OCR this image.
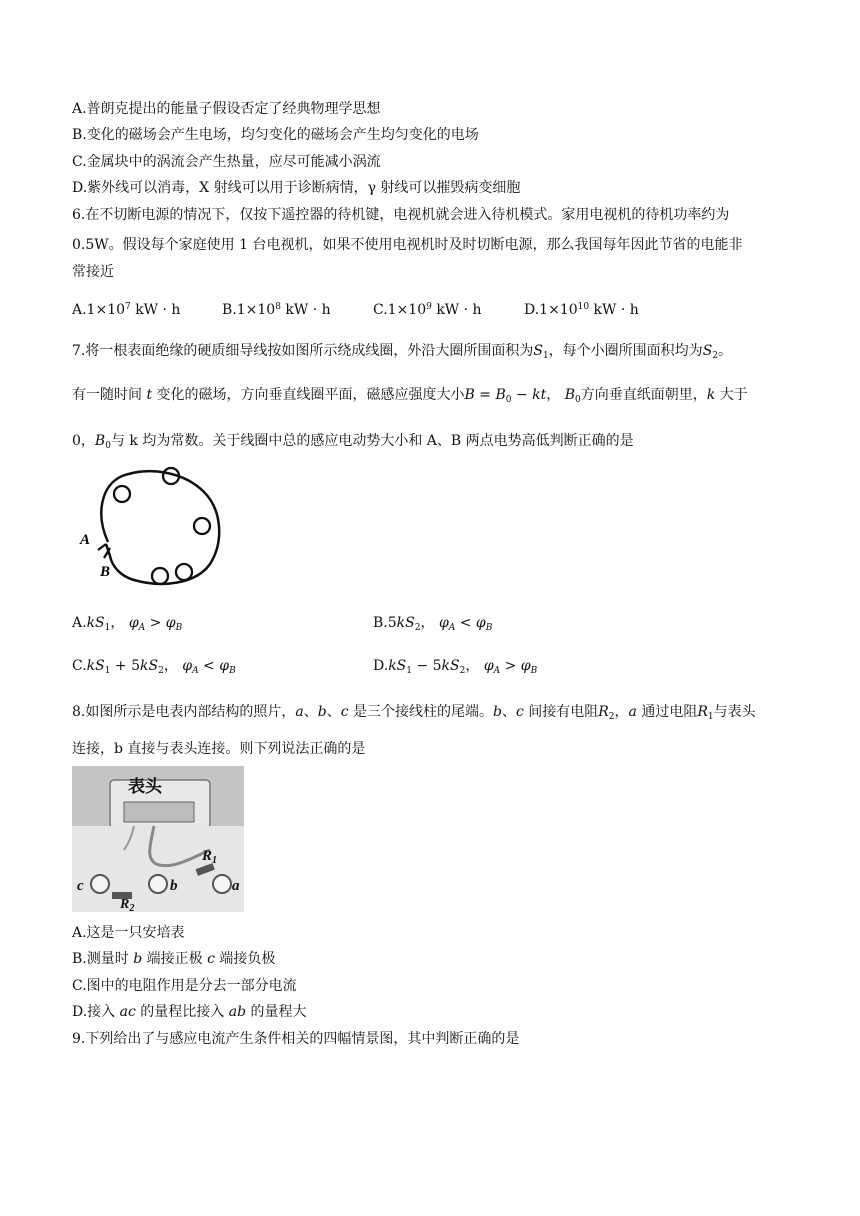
A.普朗克提出的能量子假设否定了经典物理学思想
B.变化的磁场会产生电场，均匀变化的磁场会产生均匀变化的电场
C.金属块中的涡流会产生热量，应尽可能减小涡流
D.紫外线可以消毒，X 射线可以用于诊断病情，γ 射线可以摧毁病变细胞
6.在不切断电源的情况下，仅按下遥控器的待机键，电视机就会进入待机模式。家用电视机的待机功率约为
0.5W。假设每个家庭使用 1 台电视机，如果不使用电视机时及时切断电源，那么我国每年因此节省的电能非
常接近
$A.1\times 10^7$ kW · h	$B.1\times 10^8$ kW · h	$C.1\times 10^9$ kW · h	$D.1\times 10^{10}$ kW · h
7.将一根表面绝缘的硬质细导线按如图所示绕成线圈，外沿大圈所围面积为$S_1$，每个小圈所围面积均为$S_2$。
有一随时间 t 变化的磁场，方向垂直线圈平面，磁感应强度大小$B = B_0$ − kt， $B_0$方向垂直纸面朝里，k 大于
0，$B_0$与 k 均为常数。关于线圈中总的感应电动势大小和 A、B 两点电势高低判断正确的是
A
B
$A.kS_1$， $\varphi_A > \varphi_B$	$B.5kS_2$， $\varphi_A < \varphi_B$
$C.kS_1 + 5kS_2$， $\varphi_A < \varphi_B$	$D.kS_1 - 5kS_2$， $\varphi_A > \varphi_B$
8.如图所示是电表内部结构的照片，a、b、c 是三个接线柱的尾端。b、c 间接有电阻$R_2$，a 通过电阻$R_1$与表头
连接，b 直接与表头连接。则下列说法正确的是
表头
$R_1$
$R_2$
c	b	a
A.这是一只安培表
B.测量时 b 端接正极 c 端接负极
C.图中的电阻作用是分去一部分电流
D.接入 ac 的量程比接入 ab 的量程大
9.下列给出了与感应电流产生条件相关的四幅情景图，其中判断正确的是
